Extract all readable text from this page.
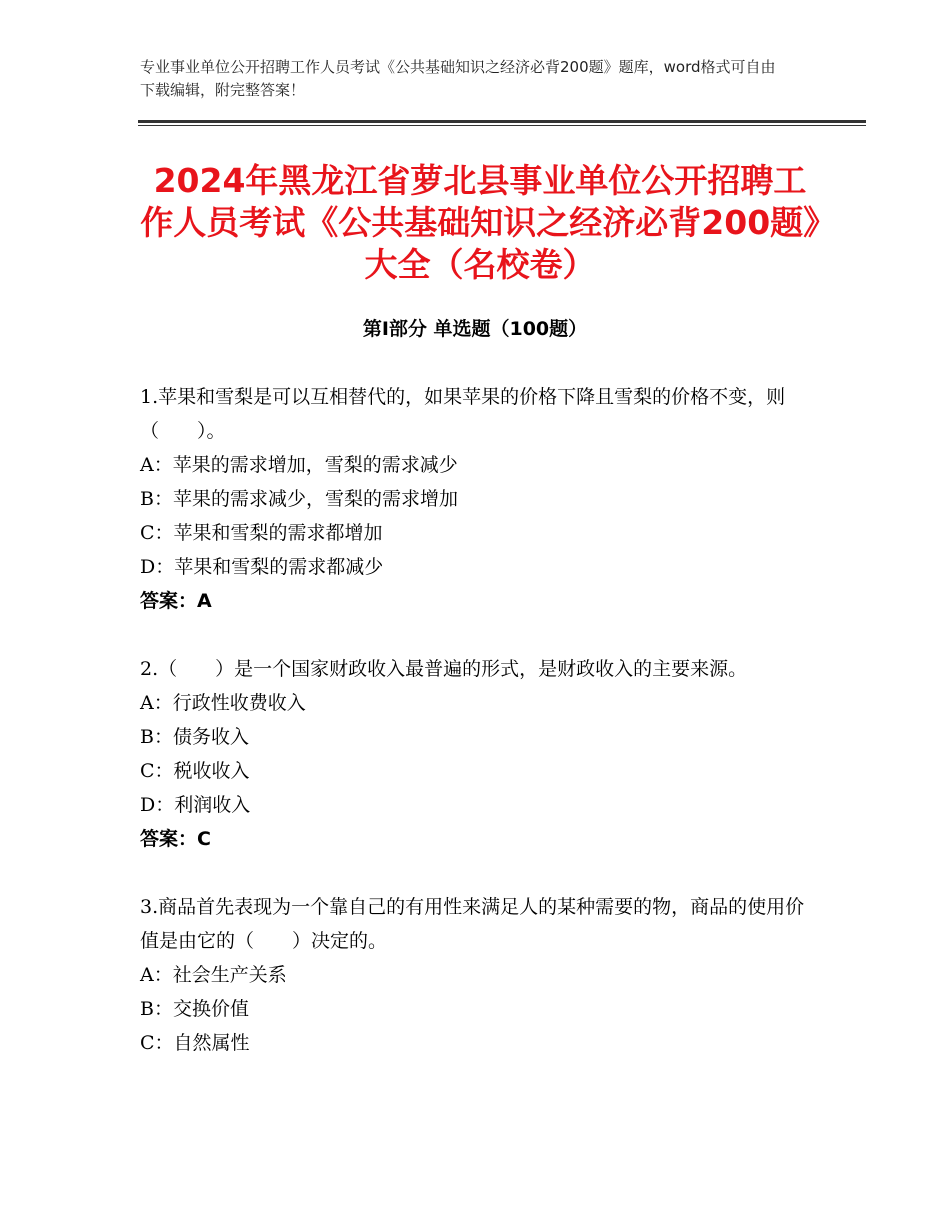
专业事业单位公开招聘工作人员考试《公共基础知识之经济必背200题》题库，word格式可自由下载编辑，附完整答案！
2024年黑龙江省萝北县事业单位公开招聘工作人员考试《公共基础知识之经济必背200题》大全（名校卷）
第Ⅰ部分 单选题（100题）

1.苹果和雪梨是可以互相替代的，如果苹果的价格下降且雪梨的价格不变，则（　　）。

A：苹果的需求增加，雪梨的需求减少

B：苹果的需求减少，雪梨的需求增加

C：苹果和雪梨的需求都增加

D：苹果和雪梨的需求都减少

答案：A

2.（　　）是一个国家财政收入最普遍的形式，是财政收入的主要来源。

A：行政性收费收入

B：债务收入

C：税收收入

D：利润收入

答案：C

3.商品首先表现为一个靠自己的有用性来满足人的某种需要的物，商品的使用价值是由它的（　　）决定的。

A：社会生产关系

B：交换价值

C：自然属性
